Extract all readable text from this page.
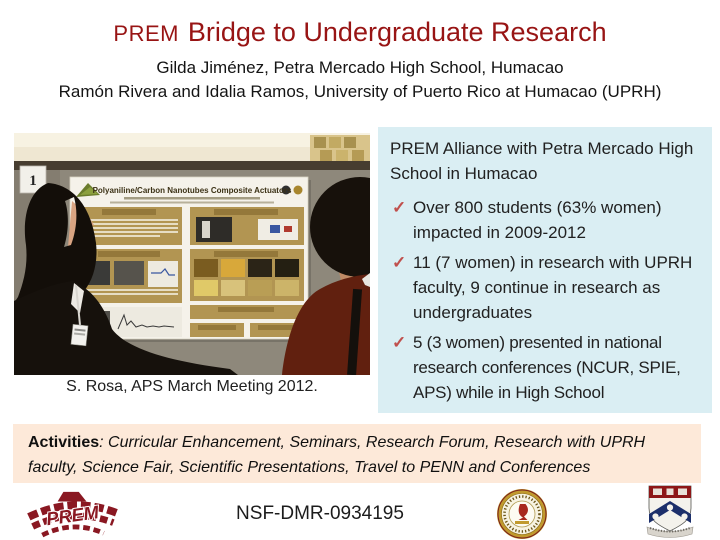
PREM Bridge to Undergraduate Research
Gilda Jiménez, Petra Mercado High School, Humacao
Ramón Rivera and Idalia Ramos, University of Puerto Rico at Humacao (UPRH)
1
Polyaniline/Carbon Nanotubes Composite Actuators
S. Rosa, APS March Meeting 2012.
PREM Alliance with Petra Mercado High School in Humacao
✓ Over 800 students (63% women) impacted in 2009-2012
✓ 11 (7 women) in research with UPRH faculty, 9 continue in research as undergraduates
✓ 5 (3 women) presented in national research conferences (NCUR, SPIE, APS) while in High School
Activities: Curricular Enhancement, Seminars, Research Forum, Research with UPRH faculty, Science Fair, Scientific Presentations, Travel to PENN and Conferences
PREM	NSF-DMR-0934195
